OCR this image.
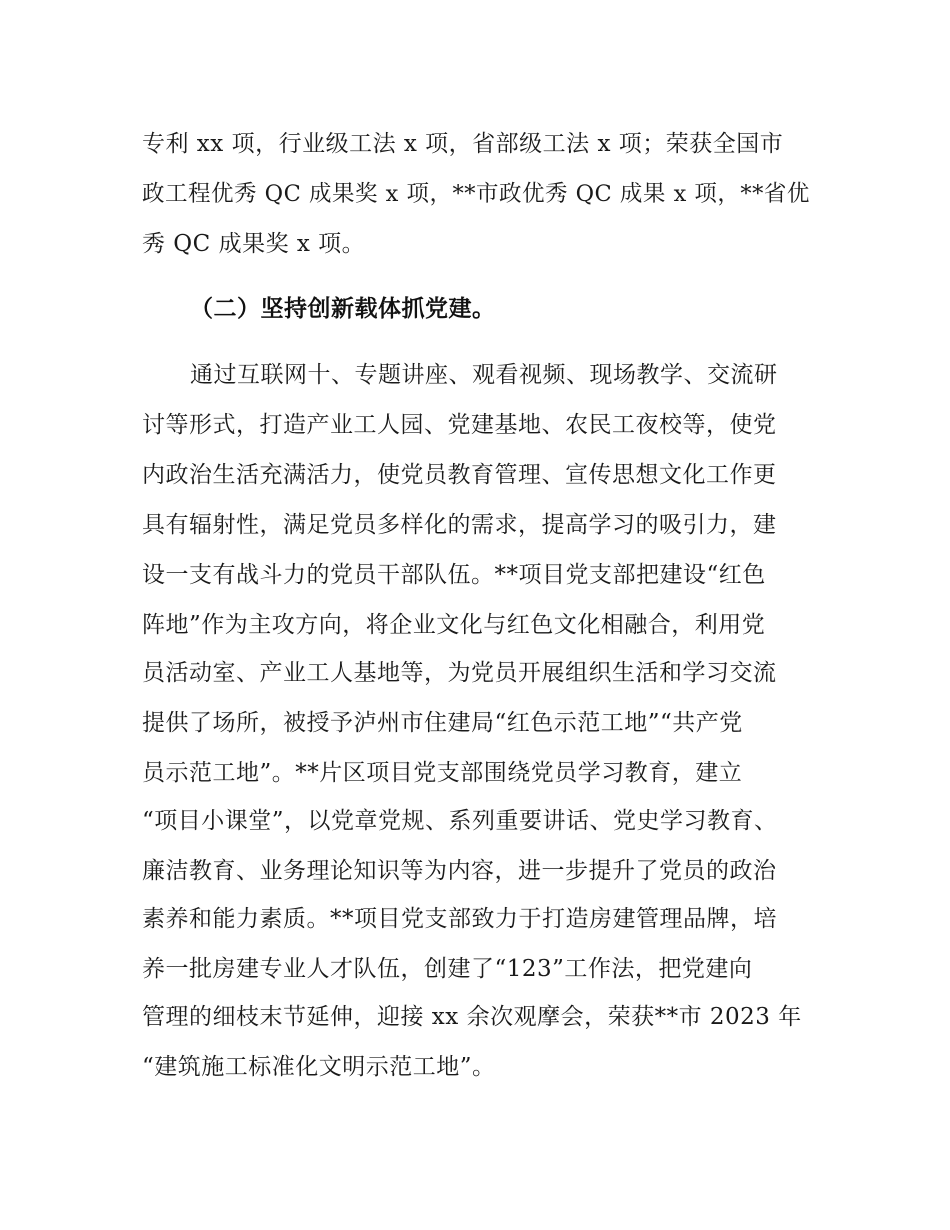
专利 xx 项，行业级工法 x 项，省部级工法 x 项；荣获全国市
政工程优秀 QC 成果奖 x 项，**市政优秀 QC 成果 x 项，**省优
秀 QC 成果奖 x 项。
（二）坚持创新载体抓党建。
通过互联网十、专题讲座、观看视频、现场教学、交流研
讨等形式，打造产业工人园、党建基地、农民工夜校等，使党
内政治生活充满活力，使党员教育管理、宣传思想文化工作更
具有辐射性，满足党员多样化的需求，提高学习的吸引力，建
设一支有战斗力的党员干部队伍。**项目党支部把建设“红色
阵地”作为主攻方向，将企业文化与红色文化相融合，利用党
员活动室、产业工人基地等，为党员开展组织生活和学习交流
提供了场所，被授予泸州市住建局“红色示范工地”“共产党
员示范工地”。**片区项目党支部围绕党员学习教育，建立
“项目小课堂”，以党章党规、系列重要讲话、党史学习教育、
廉洁教育、业务理论知识等为内容，进一步提升了党员的政治
素养和能力素质。**项目党支部致力于打造房建管理品牌，培
养一批房建专业人才队伍，创建了“123”工作法，把党建向
管理的细枝末节延伸，迎接 xx 余次观摩会，荣获**市 2023 年
“建筑施工标准化文明示范工地”。
